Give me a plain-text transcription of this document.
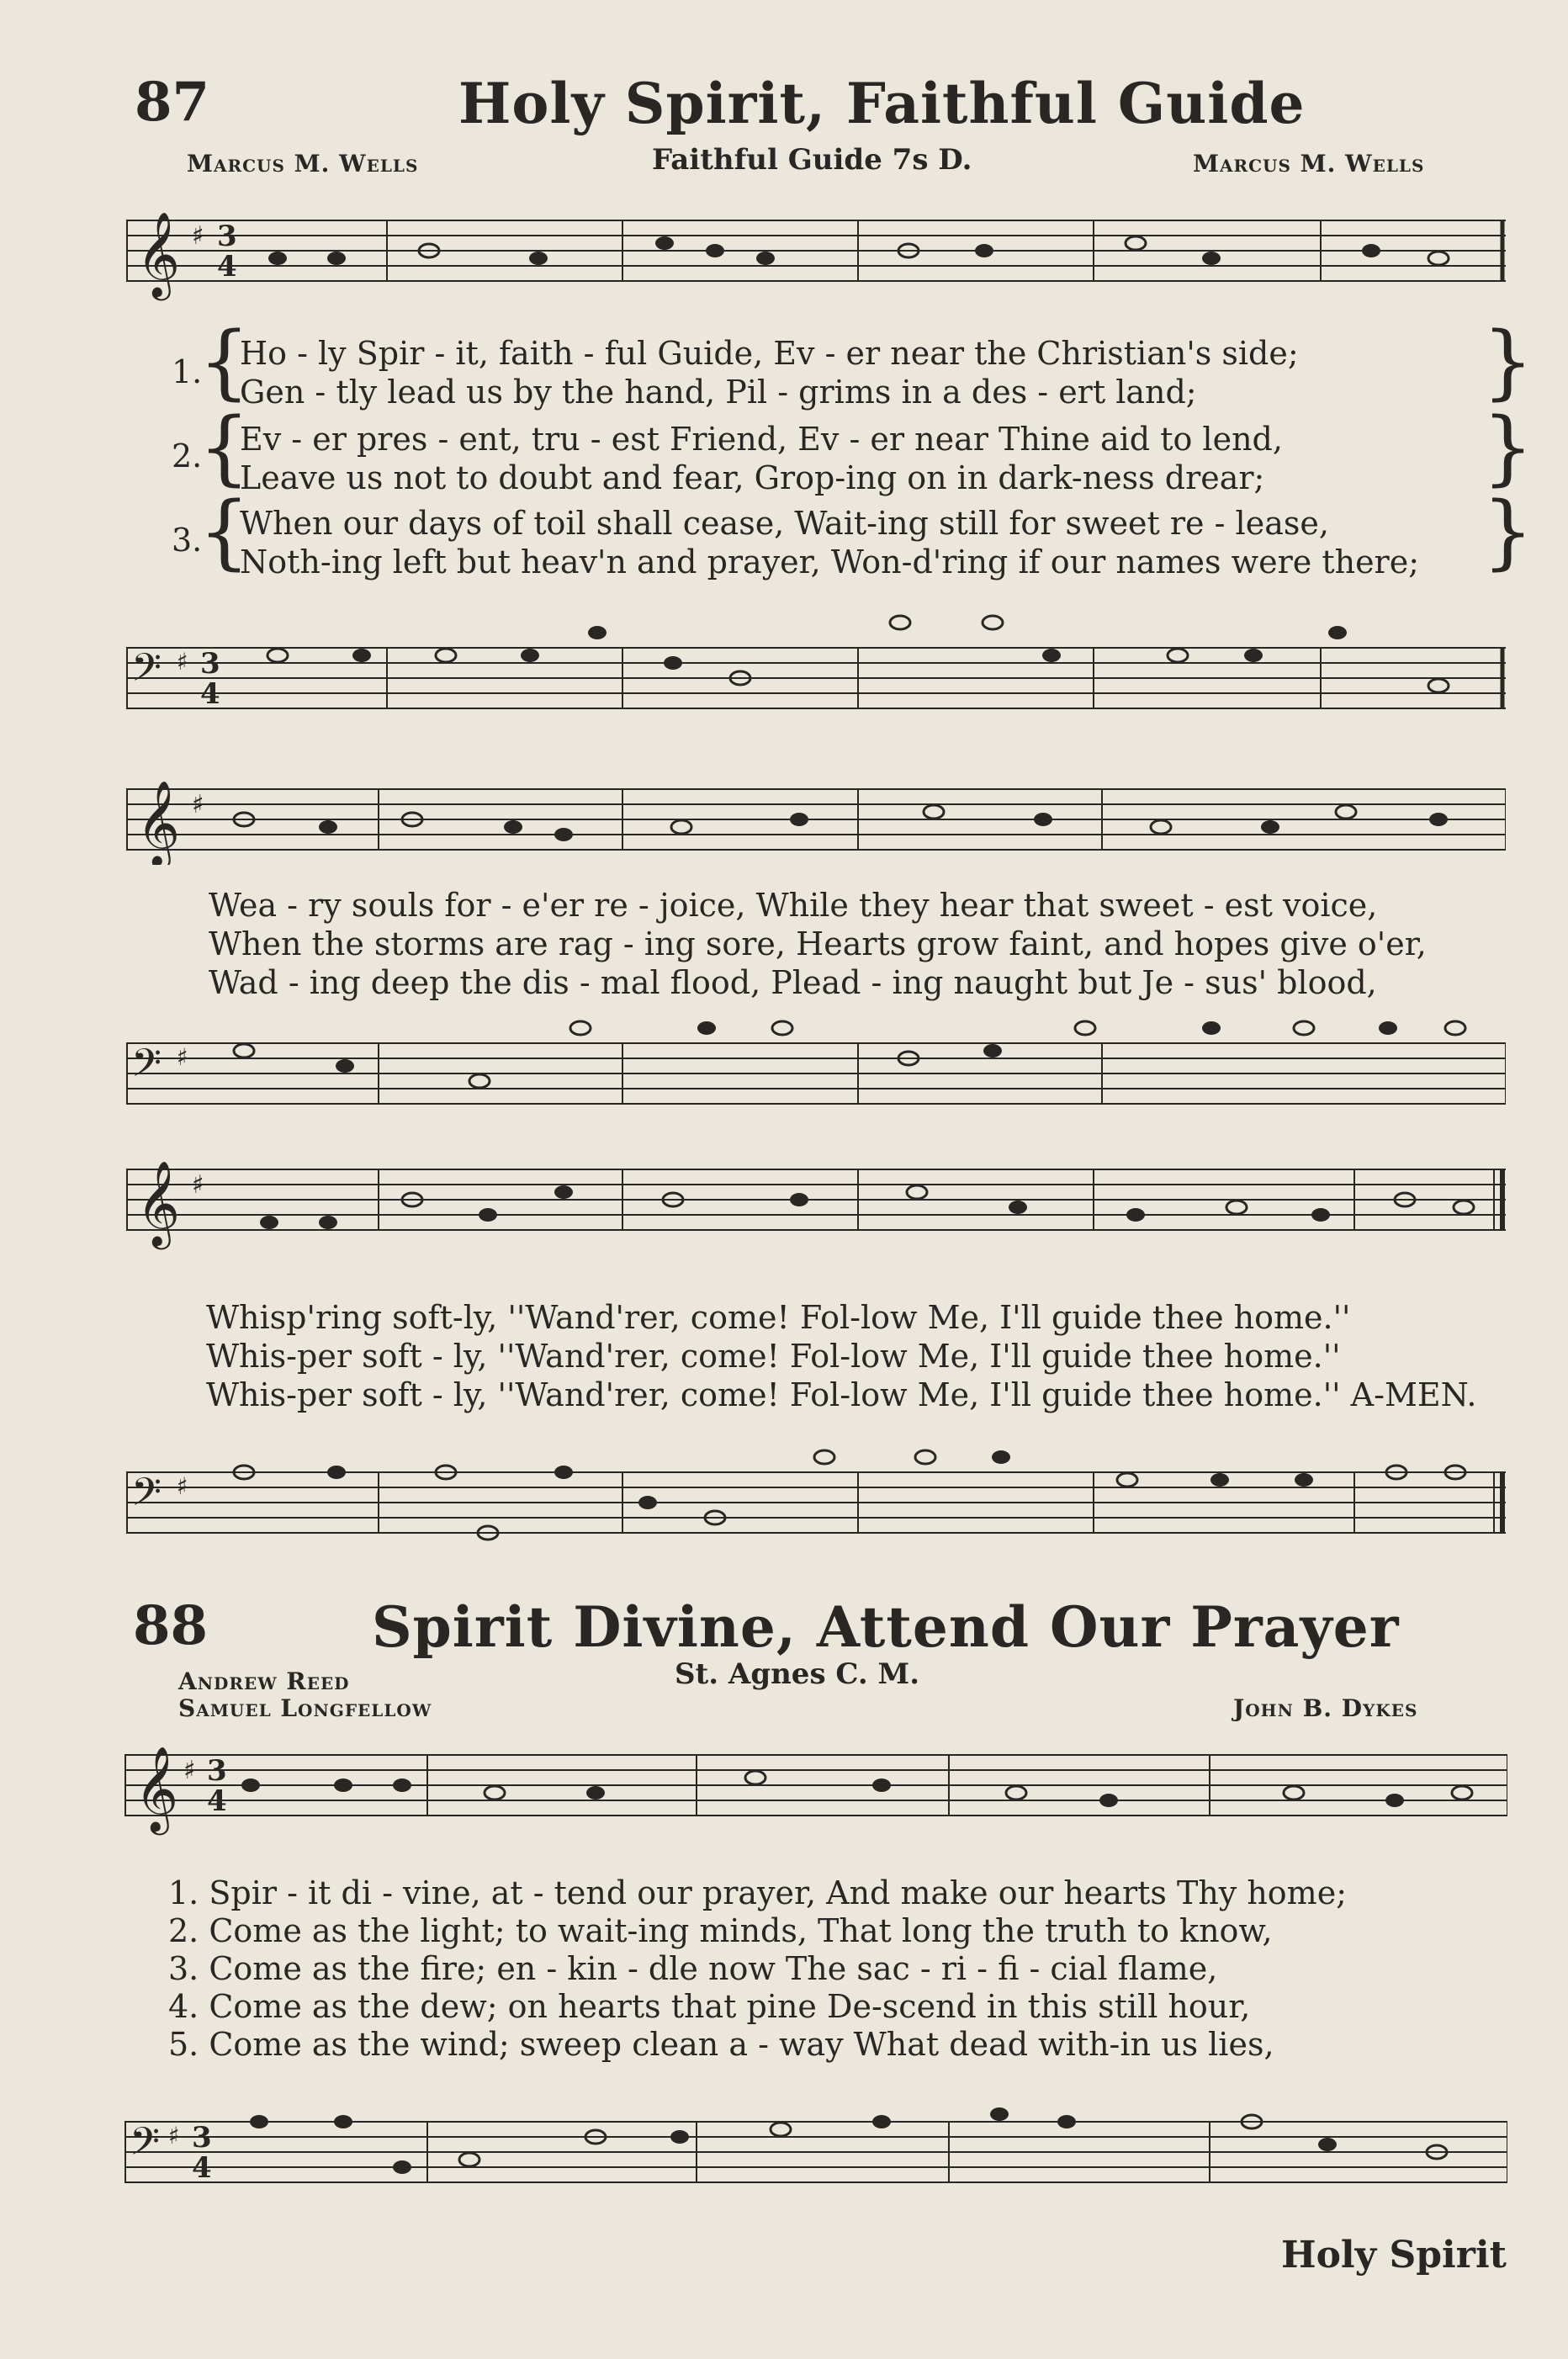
87	Holy Spirit, Faithful Guide
Marcus M. Wells	Faithful Guide 7s D.	Marcus M. Wells
𝄞 ♯ 3
4
1.
{
Ho - ly Spir - it, faith - ful Guide, Ev - er near the Christian's side;
Gen - tly lead us by the hand, Pil - grims in a des - ert land;	}
2.
{
Ev - er pres - ent, tru - est Friend, Ev - er near Thine aid to lend,
Leave us not to doubt and fear, Grop-ing on in dark-ness drear;	}
3.
{
When our days of toil shall cease, Wait-ing still for sweet re - lease,
Noth-ing left but heav'n and prayer, Won-d'ring if our names were there; }
𝄢 ♯ 3
4
𝄞 ♯
Wea - ry souls for - e'er re - joice, While they hear that sweet - est voice,
When the storms are rag - ing sore, Hearts grow faint, and hopes give o'er,
Wad - ing deep the dis - mal flood, Plead - ing naught but Je - sus' blood,
𝄢 ♯
𝄞 ♯
Whisp'ring soft-ly, ''Wand'rer, come! Fol-low Me, I'll guide thee home.''
Whis-per soft - ly, ''Wand'rer, come! Fol-low Me, I'll guide thee home.''
Whis-per soft - ly, ''Wand'rer, come! Fol-low Me, I'll guide thee home.'' A-MEN.
𝄢 ♯
88	Spirit Divine, Attend Our Prayer
Andrew Reed
Samuel Longfellow
St. Agnes C. M.
John B. Dykes
𝄞 ♯ 3
4
1. Spir - it di - vine, at - tend our prayer, And make our hearts Thy home;
2. Come as the light; to wait-ing minds, That long the truth to know,
3. Come as the fire; en - kin - dle now The sac - ri - fi - cial flame,
4. Come as the dew; on hearts that pine De-scend in this still hour,
5. Come as the wind; sweep clean a - way What dead with-in us lies,
𝄢 ♯ 3
4
Holy Spirit
